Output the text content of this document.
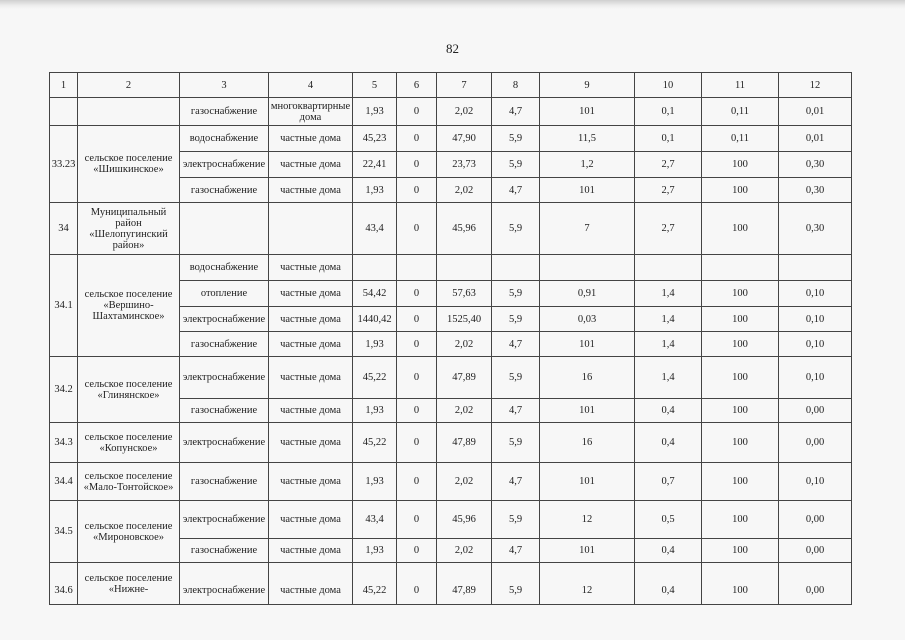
82
1	2	3	4	5	6	7	8	9	10	11	12
		газоснабжение	многоквартирные дома	1,93	0	2,02	4,7	101	0,1	0,11	0,01
33.23	сельское поселение «Шишкинское»	водоснабжение	частные дома	45,23	0	47,90	5,9	11,5	0,1	0,11	0,01
		электроснабжение	частные дома	22,41	0	23,73	5,9	1,2	2,7	100	0,30
		газоснабжение	частные дома	1,93	0	2,02	4,7	101	2,7	100	0,30
34	Муниципальный район «Шелопугинский район»			43,4	0	45,96	5,9	7	2,7	100	0,30
34.1	сельское поселение «Вершино-Шахтаминское»	водоснабжение	частные дома								
		отопление	частные дома	54,42	0	57,63	5,9	0,91	1,4	100	0,10
		электроснабжение	частные дома	1440,42	0	1525,40	5,9	0,03	1,4	100	0,10
		газоснабжение	частные дома	1,93	0	2,02	4,7	101	1,4	100	0,10
34.2	сельское поселение «Глинянское»	электроснабжение	частные дома	45,22	0	47,89	5,9	16	1,4	100	0,10
		газоснабжение	частные дома	1,93	0	2,02	4,7	101	0,4	100	0,00
34.3	сельское поселение «Копунское»	электроснабжение	частные дома	45,22	0	47,89	5,9	16	0,4	100	0,00
34.4	сельское поселение «Мало-Тонтойское»	газоснабжение	частные дома	1,93	0	2,02	4,7	101	0,7	100	0,10
34.5	сельское поселение «Мироновское»	электроснабжение	частные дома	43,4	0	45,96	5,9	12	0,5	100	0,00
		газоснабжение	частные дома	1,93	0	2,02	4,7	101	0,4	100	0,00
34.6	сельское поселение «Нижне-	электроснабжение	частные дома	45,22	0	47,89	5,9	12	0,4	100	0,00
